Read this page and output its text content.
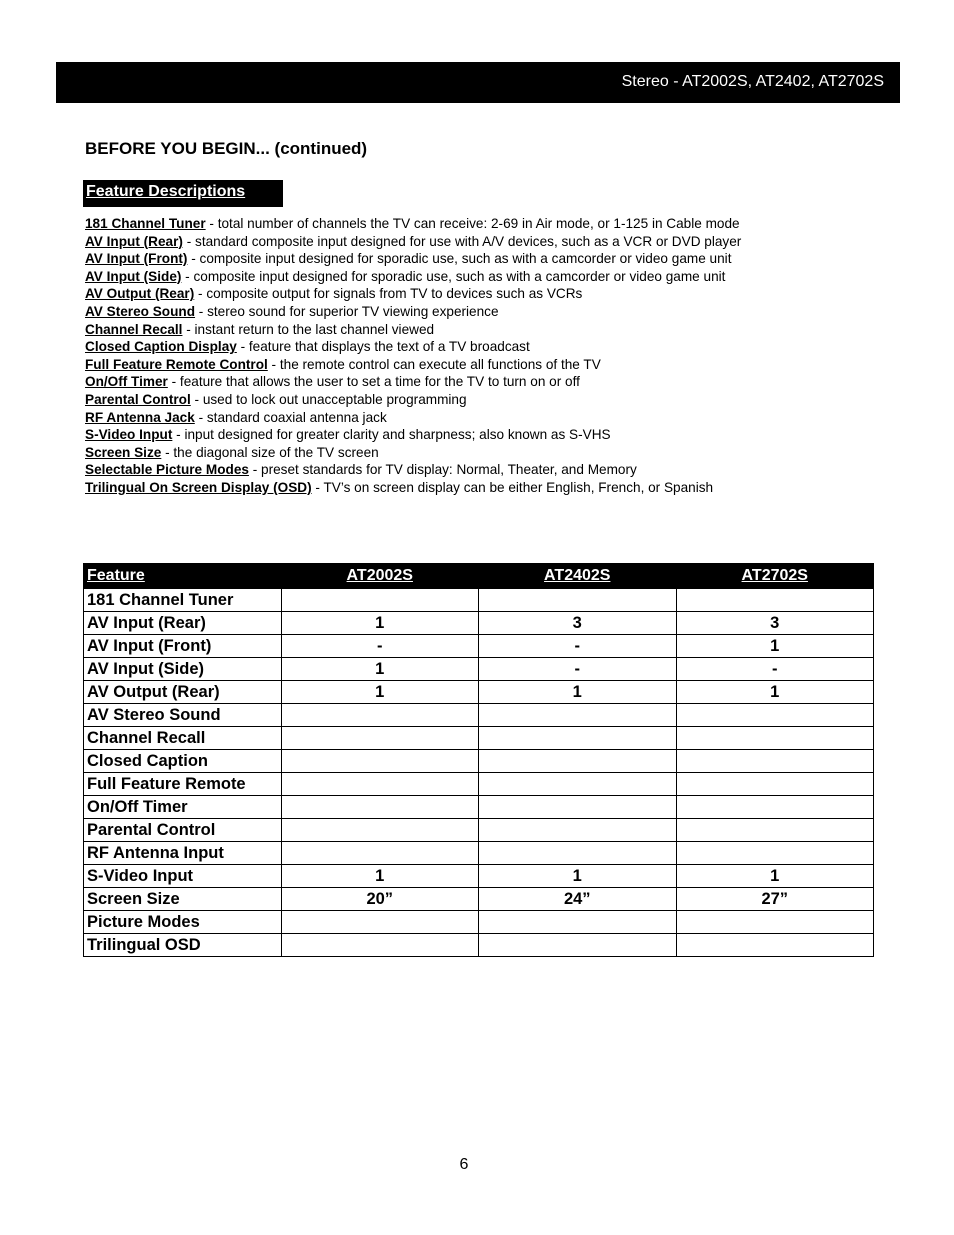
Stereo - AT2002S, AT2402, AT2702S
BEFORE YOU BEGIN... (continued)
Feature Descriptions
181 Channel Tuner - total number of channels the TV can receive: 2-69 in Air mode, or 1-125 in Cable mode
AV Input (Rear) - standard composite input designed for use with A/V devices, such as a VCR or DVD player
AV Input (Front) - composite input designed for sporadic use, such as with a camcorder or video game unit
AV Input (Side) - composite input designed for sporadic use, such as with a camcorder or video game unit
AV Output (Rear) - composite output for signals from TV to devices such as VCRs
AV Stereo Sound - stereo sound for superior TV viewing experience
Channel Recall - instant return to the last channel viewed
Closed Caption Display - feature that displays the text of a TV broadcast
Full Feature Remote Control - the remote control can execute all functions of the TV
On/Off Timer - feature that allows the user to set a time for the TV to turn on or off
Parental Control - used to lock out unacceptable programming
RF Antenna Jack - standard coaxial antenna jack
S-Video Input - input designed for greater clarity and sharpness; also known as S-VHS
Screen Size - the diagonal size of the TV screen
Selectable Picture Modes - preset standards for TV display: Normal, Theater, and Memory
Trilingual On Screen Display (OSD) - TV’s on screen display can be either English, French, or Spanish
Feature	AT2002S	AT2402S	AT2702S
181 Channel Tuner			
AV Input (Rear)	1	3	3
AV Input (Front)	-	-	1
AV Input (Side)	1	-	-
AV Output (Rear)	1	1	1
AV Stereo Sound			
Channel Recall			
Closed Caption			
Full Feature Remote			
On/Off Timer			
Parental Control			
RF Antenna Input			
S-Video Input	1	1	1
Screen Size	20”	24”	27”
Picture Modes			
Trilingual OSD			
6
